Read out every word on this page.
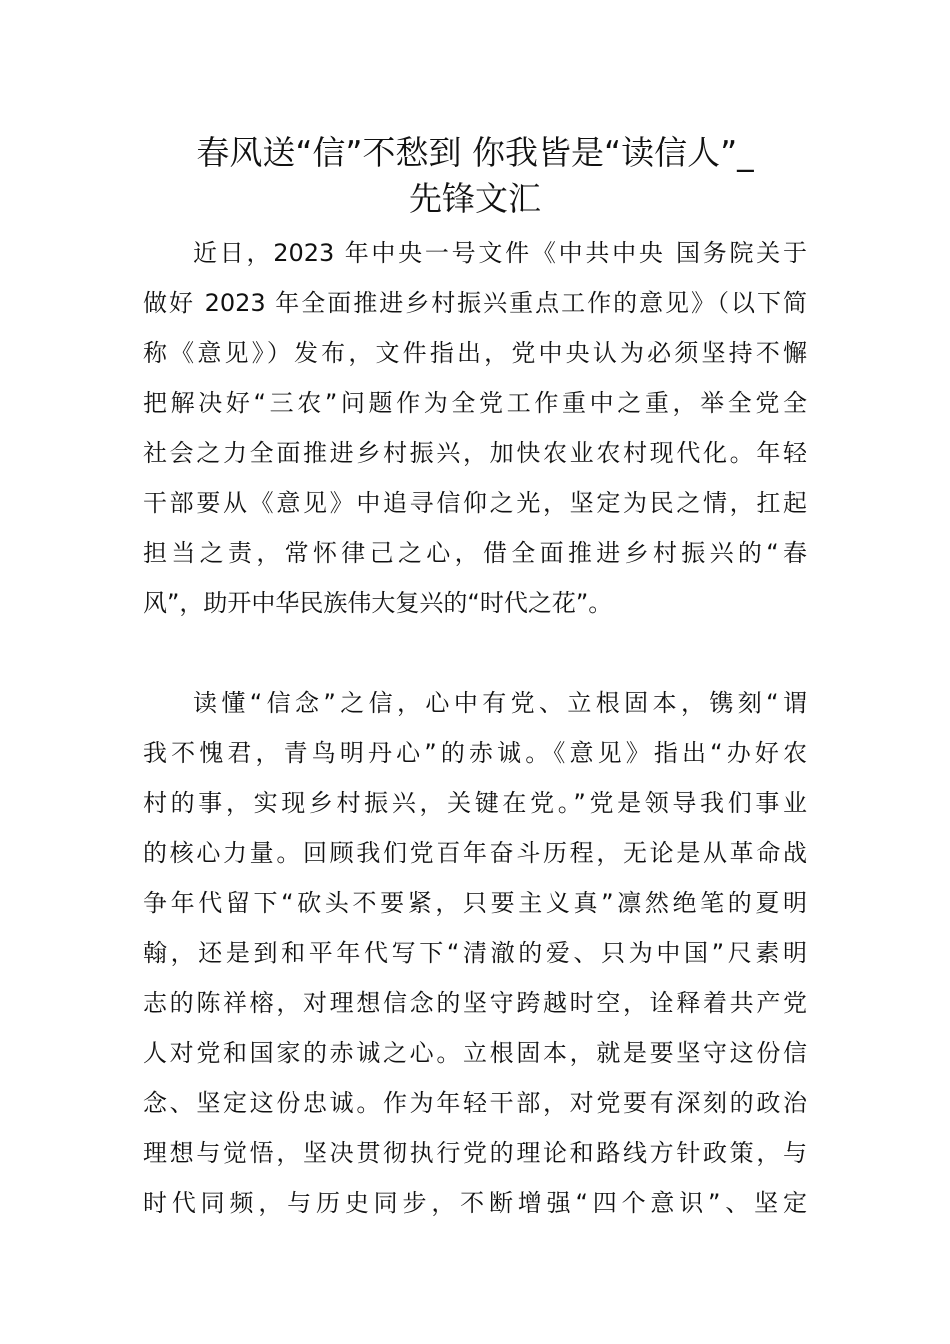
春风送“信”不愁到 你我皆是“读信人”_
先锋文汇
近日，2023 年中央一号文件《中共中央 国务院关于
做好 2023 年全面推进乡村振兴重点工作的意见》（以下简
称《意见》）发布，文件指出，党中央认为必须坚持不懈
把解决好“三农”问题作为全党工作重中之重，举全党全
社会之力全面推进乡村振兴，加快农业农村现代化。年轻
干部要从《意见》中追寻信仰之光，坚定为民之情，扛起
担当之责，常怀律己之心，借全面推进乡村振兴的“春
风”，助开中华民族伟大复兴的“时代之花”。
读懂“信念”之信，心中有党、立根固本，镌刻“谓
我不愧君，青鸟明丹心”的赤诚。《意见》指出“办好农
村的事，实现乡村振兴，关键在党。”党是领导我们事业
的核心力量。回顾我们党百年奋斗历程，无论是从革命战
争年代留下“砍头不要紧，只要主义真”凛然绝笔的夏明
翰，还是到和平年代写下“清澈的爱、只为中国”尺素明
志的陈祥榕，对理想信念的坚守跨越时空，诠释着共产党
人对党和国家的赤诚之心。立根固本，就是要坚守这份信
念、坚定这份忠诚。作为年轻干部，对党要有深刻的政治
理想与觉悟，坚决贯彻执行党的理论和路线方针政策，与
时代同频，与历史同步，不断增强“四个意识”、坚定
